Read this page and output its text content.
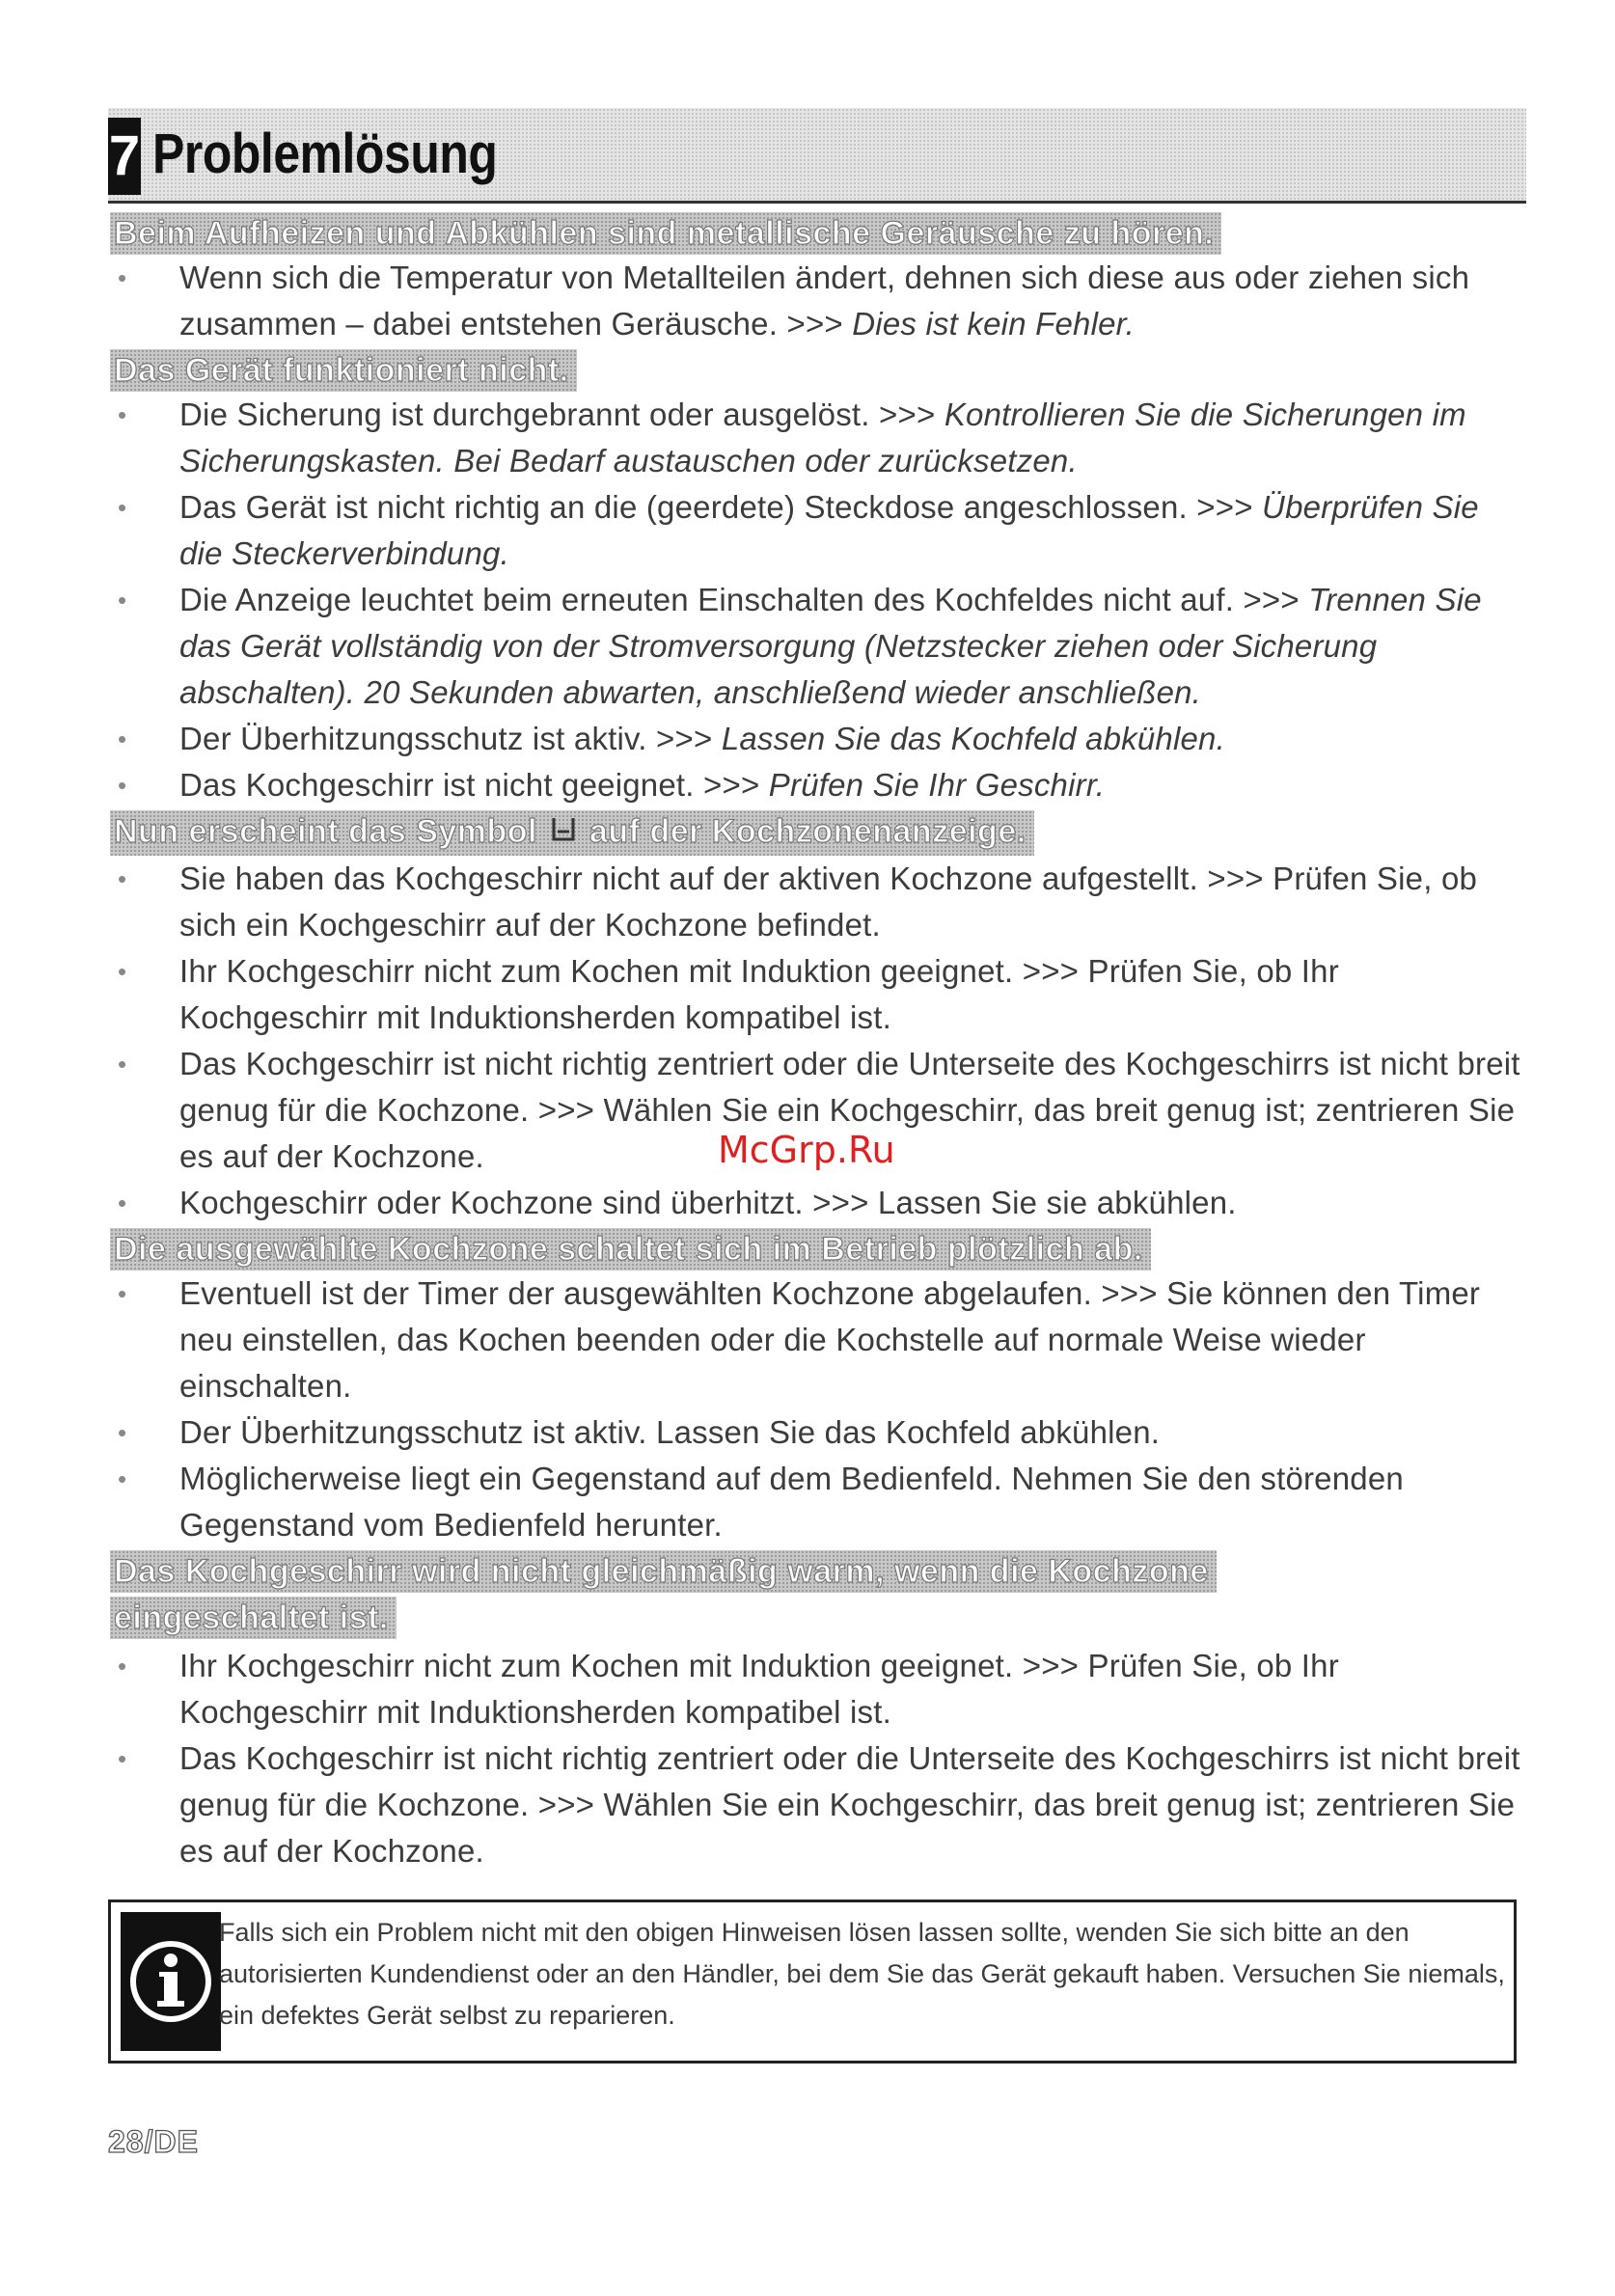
7 Problemlösung
Beim Aufheizen und Abkühlen sind metallische Geräusche zu hören.
• Wenn sich die Temperatur von Metallteilen ändert, dehnen sich diese aus oder ziehen sich zusammen – dabei entstehen Geräusche. >>> Dies ist kein Fehler.
Das Gerät funktioniert nicht.
• Die Sicherung ist durchgebrannt oder ausgelöst. >>> Kontrollieren Sie die Sicherungen im Sicherungskasten. Bei Bedarf austauschen oder zurücksetzen.
• Das Gerät ist nicht richtig an die (geerdete) Steckdose angeschlossen. >>> Überprüfen Sie die Steckerverbindung.
• Die Anzeige leuchtet beim erneuten Einschalten des Kochfeldes nicht auf. >>> Trennen Sie das Gerät vollständig von der Stromversorgung (Netzstecker ziehen oder Sicherung abschalten). 20 Sekunden abwarten, anschließend wieder anschließen.
• Der Überhitzungsschutz ist aktiv. >>> Lassen Sie das Kochfeld abkühlen.
• Das Kochgeschirr ist nicht geeignet. >>> Prüfen Sie Ihr Geschirr.
Nun erscheint das Symbol auf der Kochzonenanzeige.
• Sie haben das Kochgeschirr nicht auf der aktiven Kochzone aufgestellt. >>> Prüfen Sie, ob sich ein Kochgeschirr auf der Kochzone befindet.
• Ihr Kochgeschirr nicht zum Kochen mit Induktion geeignet. >>> Prüfen Sie, ob Ihr Kochgeschirr mit Induktionsherden kompatibel ist.
• Das Kochgeschirr ist nicht richtig zentriert oder die Unterseite des Kochgeschirrs ist nicht breit genug für die Kochzone. >>> Wählen Sie ein Kochgeschirr, das breit genug ist; zentrieren Sie es auf der Kochzone.
• Kochgeschirr oder Kochzone sind überhitzt. >>> Lassen Sie sie abkühlen.
Die ausgewählte Kochzone schaltet sich im Betrieb plötzlich ab.
• Eventuell ist der Timer der ausgewählten Kochzone abgelaufen. >>> Sie können den Timer neu einstellen, das Kochen beenden oder die Kochstelle auf normale Weise wieder einschalten.
• Der Überhitzungsschutz ist aktiv. Lassen Sie das Kochfeld abkühlen.
• Möglicherweise liegt ein Gegenstand auf dem Bedienfeld. Nehmen Sie den störenden Gegenstand vom Bedienfeld herunter.
Das Kochgeschirr wird nicht gleichmäßig warm, wenn die Kochzone
eingeschaltet ist.
• Ihr Kochgeschirr nicht zum Kochen mit Induktion geeignet. >>> Prüfen Sie, ob Ihr Kochgeschirr mit Induktionsherden kompatibel ist.
• Das Kochgeschirr ist nicht richtig zentriert oder die Unterseite des Kochgeschirrs ist nicht breit genug für die Kochzone. >>> Wählen Sie ein Kochgeschirr, das breit genug ist; zentrieren Sie es auf der Kochzone.
Falls sich ein Problem nicht mit den obigen Hinweisen lösen lassen sollte, wenden Sie sich bitte an den autorisierten Kundendienst oder an den Händler, bei dem Sie das Gerät gekauft haben. Versuchen Sie niemals, ein defektes Gerät selbst zu reparieren.
McGrp.Ru
28/DE
